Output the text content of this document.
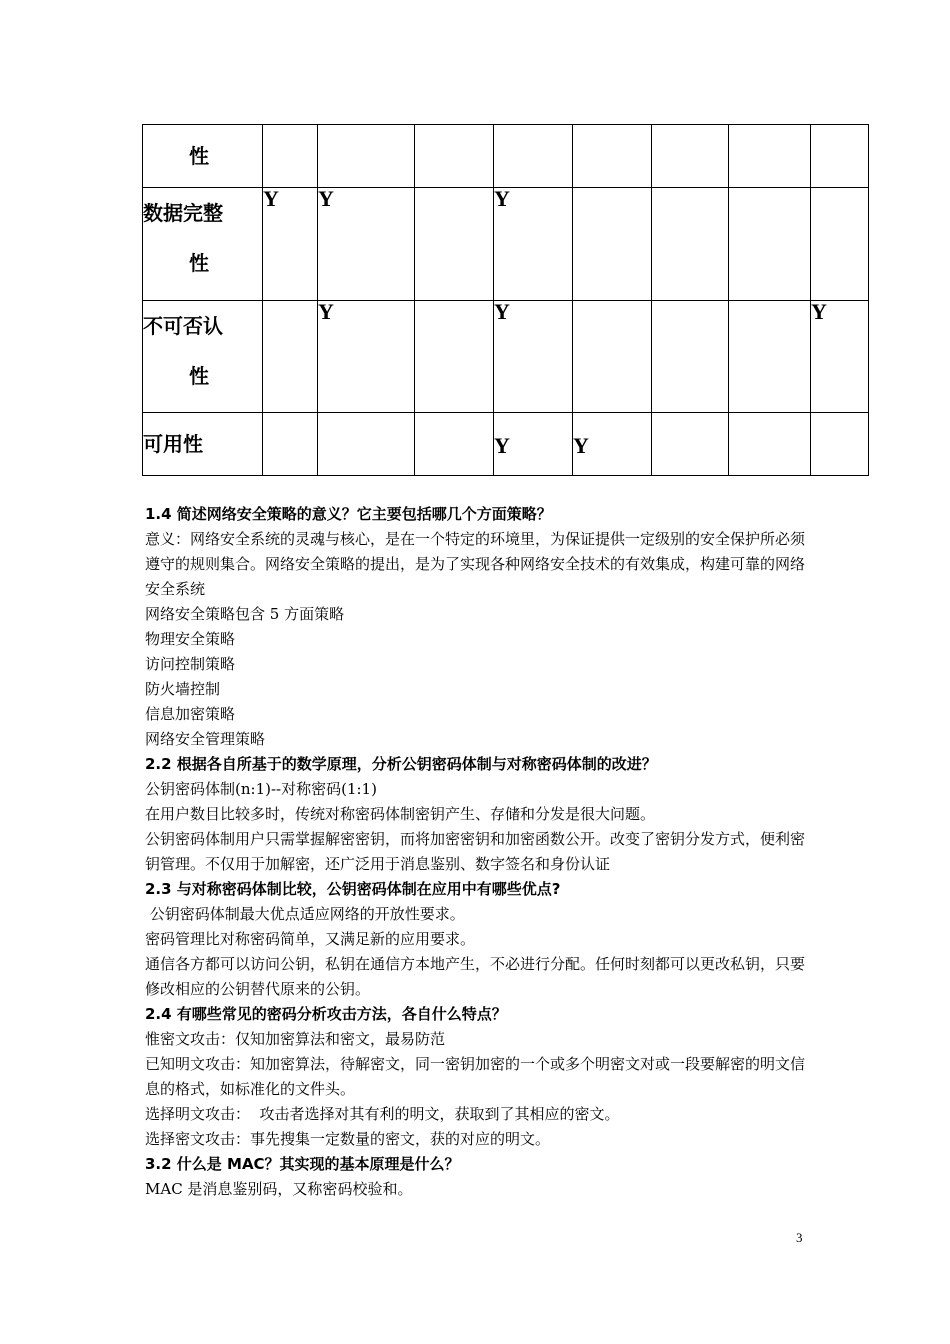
性								

数据完整
性	Y	Y		Y				

不可否认
性		Y		Y				Y

可用性				Y	Y			

1.4 简述网络安全策略的意义？它主要包括哪几个方面策略？

意义：网络安全系统的灵魂与核心，是在一个特定的环境里，为保证提供一定级别的安全保护所必须遵守的规则集合。网络安全策略的提出，是为了实现各种网络安全技术的有效集成，构建可靠的网络安全系统

网络安全策略包含 5 方面策略

物理安全策略

访问控制策略

防火墙控制

信息加密策略

网络安全管理策略

2.2 根据各自所基于的数学原理，分析公钥密码体制与对称密码体制的改进？

公钥密码体制(n:1)--对称密码(1:1)

在用户数目比较多时，传统对称密码体制密钥产生、存储和分发是很大问题。

公钥密码体制用户只需掌握解密密钥，而将加密密钥和加密函数公开。改变了密钥分发方式，便利密钥管理。不仅用于加解密，还广泛用于消息鉴别、数字签名和身份认证

2.3 与对称密码体制比较，公钥密码体制在应用中有哪些优点?

公钥密码体制最大优点适应网络的开放性要求。

密码管理比对称密码简单，又满足新的应用要求。

通信各方都可以访问公钥，私钥在通信方本地产生，不必进行分配。任何时刻都可以更改私钥，只要修改相应的公钥替代原来的公钥。

2.4 有哪些常见的密码分析攻击方法，各自什么特点？

惟密文攻击：仅知加密算法和密文，最易防范

已知明文攻击：知加密算法，待解密文，同一密钥加密的一个或多个明密文对或一段要解密的明文信息的格式，如标准化的文件头。

选择明文攻击：  攻击者选择对其有利的明文，获取到了其相应的密文。

选择密文攻击：事先搜集一定数量的密文，获的对应的明文。

3.2 什么是 MAC？其实现的基本原理是什么？

MAC 是消息鉴别码，又称密码校验和。

3
